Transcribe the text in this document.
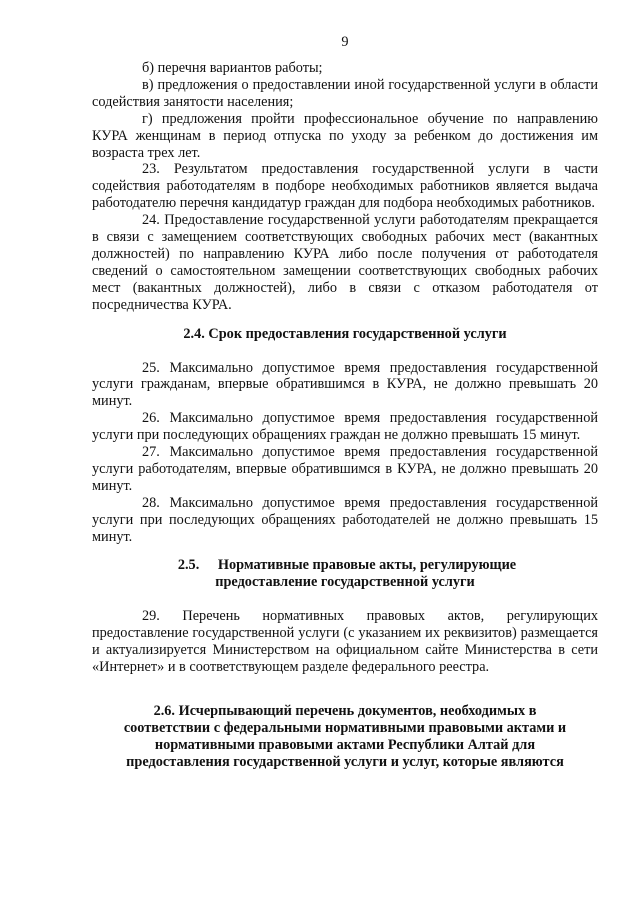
9

б) перечня вариантов работы;

в) предложения о предоставлении иной государственной услуги в области содействия занятости населения;

г) предложения пройти профессиональное обучение по направлению КУРА женщинам в период отпуска по уходу за ребенком до достижения им возраста трех лет.

23. Результатом предоставления государственной услуги в части содействия работодателям в подборе необходимых работников является выдача работодателю перечня кандидатур граждан для подбора необходимых работников.

24. Предоставление государственной услуги работодателям прекращается в связи с замещением соответствующих свободных рабочих мест (вакантных должностей) по направлению КУРА либо после получения от работодателя сведений о самостоятельном замещении соответствующих свободных рабочих мест (вакантных должностей), либо в связи с отказом работодателя от посредничества КУРА.

2.4. Срок предоставления государственной услуги

25. Максимально допустимое время предоставления государственной услуги гражданам, впервые обратившимся в КУРА, не должно превышать 20 минут.

26. Максимально допустимое время предоставления государственной услуги при последующих обращениях граждан не должно превышать 15 минут.

27. Максимально допустимое время предоставления государственной услуги работодателям, впервые обратившимся в КУРА, не должно превышать 20 минут.

28. Максимально допустимое время предоставления государственной услуги при последующих обращениях работодателей не должно превышать 15 минут.

2.5. Нормативные правовые акты, регулирующие
предоставление государственной услуги

29. Перечень нормативных правовых актов, регулирующих предоставление государственной услуги (с указанием их реквизитов) размещается и актуализируется Министерством на официальном сайте Министерства в сети «Интернет» и в соответствующем разделе федерального реестра.

2.6. Исчерпывающий перечень документов, необходимых в
соответствии с федеральными нормативными правовыми актами и
нормативными правовыми актами Республики Алтай для
предоставления государственной услуги и услуг, которые являются
